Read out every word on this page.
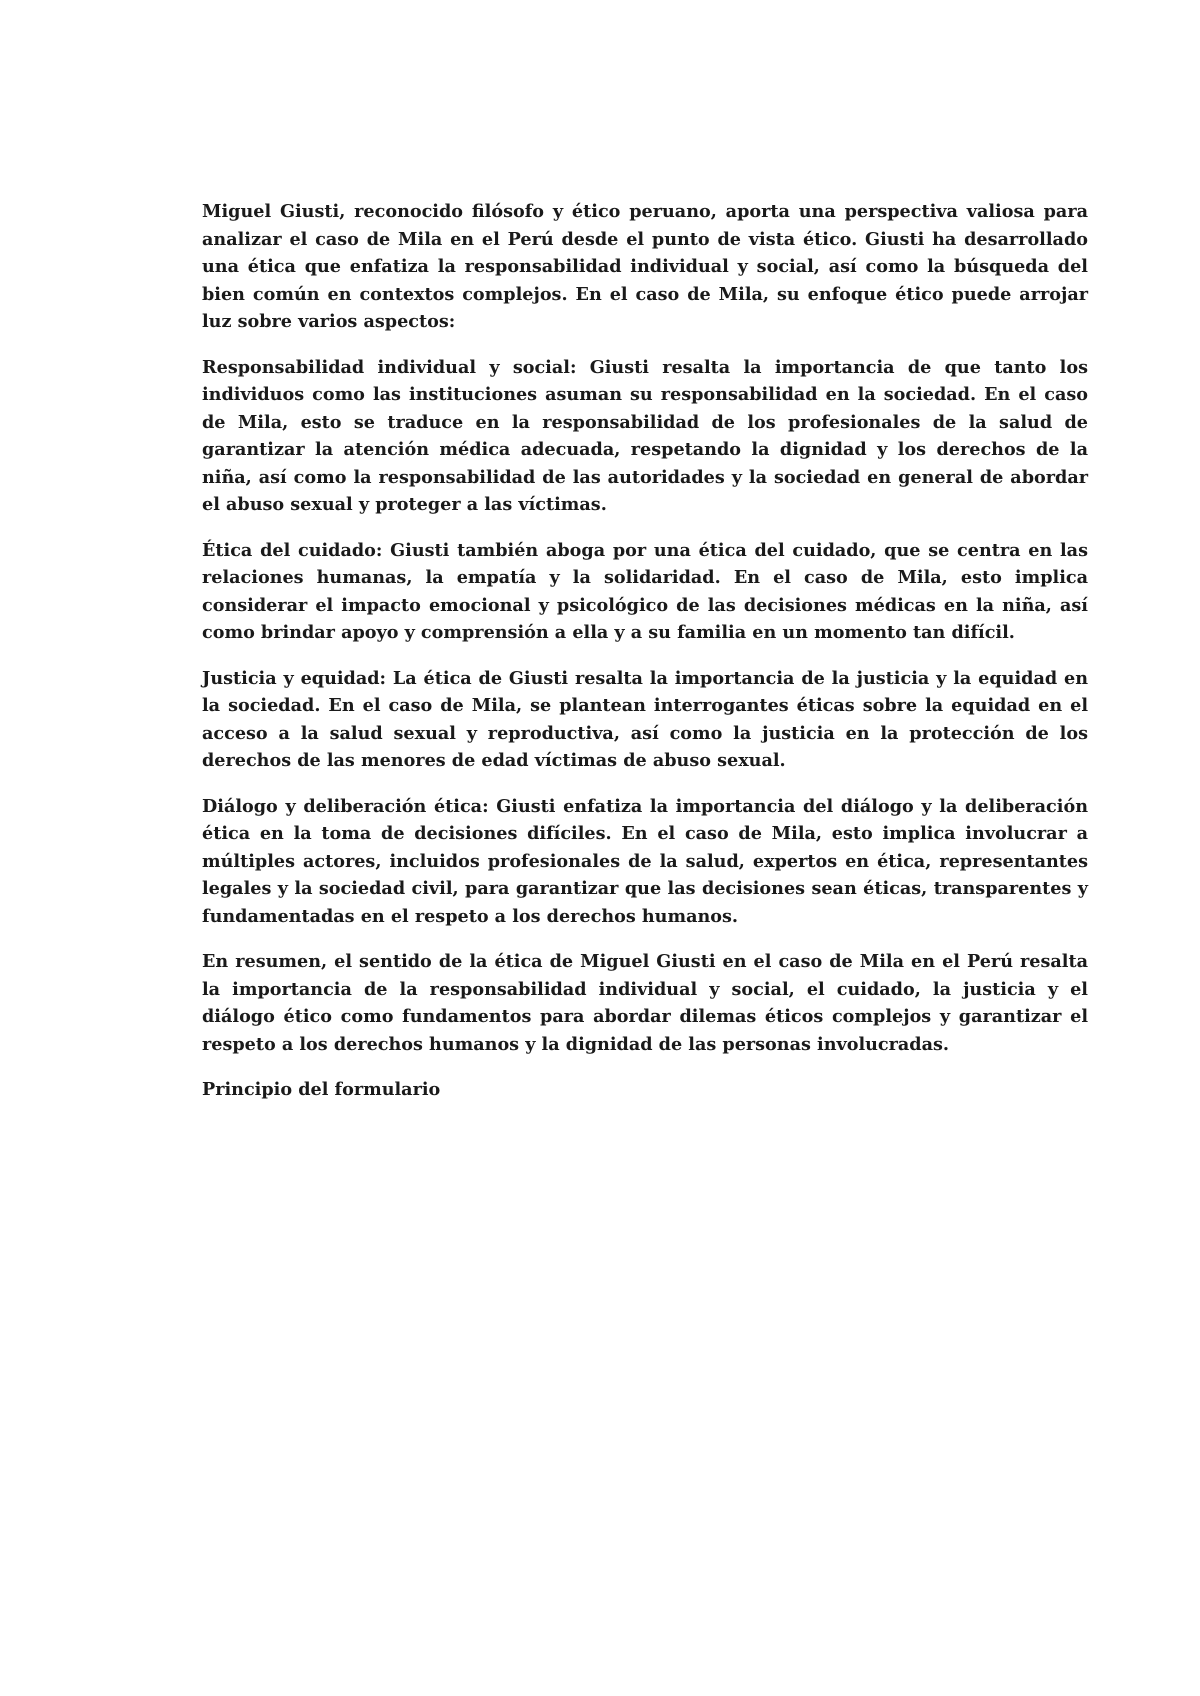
Miguel Giusti, reconocido filósofo y ético peruano, aporta una perspectiva valiosa para analizar el caso de Mila en el Perú desde el punto de vista ético. Giusti ha desarrollado una ética que enfatiza la responsabilidad individual y social, así como la búsqueda del bien común en contextos complejos. En el caso de Mila, su enfoque ético puede arrojar luz sobre varios aspectos:

Responsabilidad individual y social: Giusti resalta la importancia de que tanto los individuos como las instituciones asuman su responsabilidad en la sociedad. En el caso de Mila, esto se traduce en la responsabilidad de los profesionales de la salud de garantizar la atención médica adecuada, respetando la dignidad y los derechos de la niña, así como la responsabilidad de las autoridades y la sociedad en general de abordar el abuso sexual y proteger a las víctimas.

Ética del cuidado: Giusti también aboga por una ética del cuidado, que se centra en las relaciones humanas, la empatía y la solidaridad. En el caso de Mila, esto implica considerar el impacto emocional y psicológico de las decisiones médicas en la niña, así como brindar apoyo y comprensión a ella y a su familia en un momento tan difícil.

Justicia y equidad: La ética de Giusti resalta la importancia de la justicia y la equidad en la sociedad. En el caso de Mila, se plantean interrogantes éticas sobre la equidad en el acceso a la salud sexual y reproductiva, así como la justicia en la protección de los derechos de las menores de edad víctimas de abuso sexual.

Diálogo y deliberación ética: Giusti enfatiza la importancia del diálogo y la deliberación ética en la toma de decisiones difíciles. En el caso de Mila, esto implica involucrar a múltiples actores, incluidos profesionales de la salud, expertos en ética, representantes legales y la sociedad civil, para garantizar que las decisiones sean éticas, transparentes y fundamentadas en el respeto a los derechos humanos.

En resumen, el sentido de la ética de Miguel Giusti en el caso de Mila en el Perú resalta la importancia de la responsabilidad individual y social, el cuidado, la justicia y el diálogo ético como fundamentos para abordar dilemas éticos complejos y garantizar el respeto a los derechos humanos y la dignidad de las personas involucradas.

Principio del formulario
